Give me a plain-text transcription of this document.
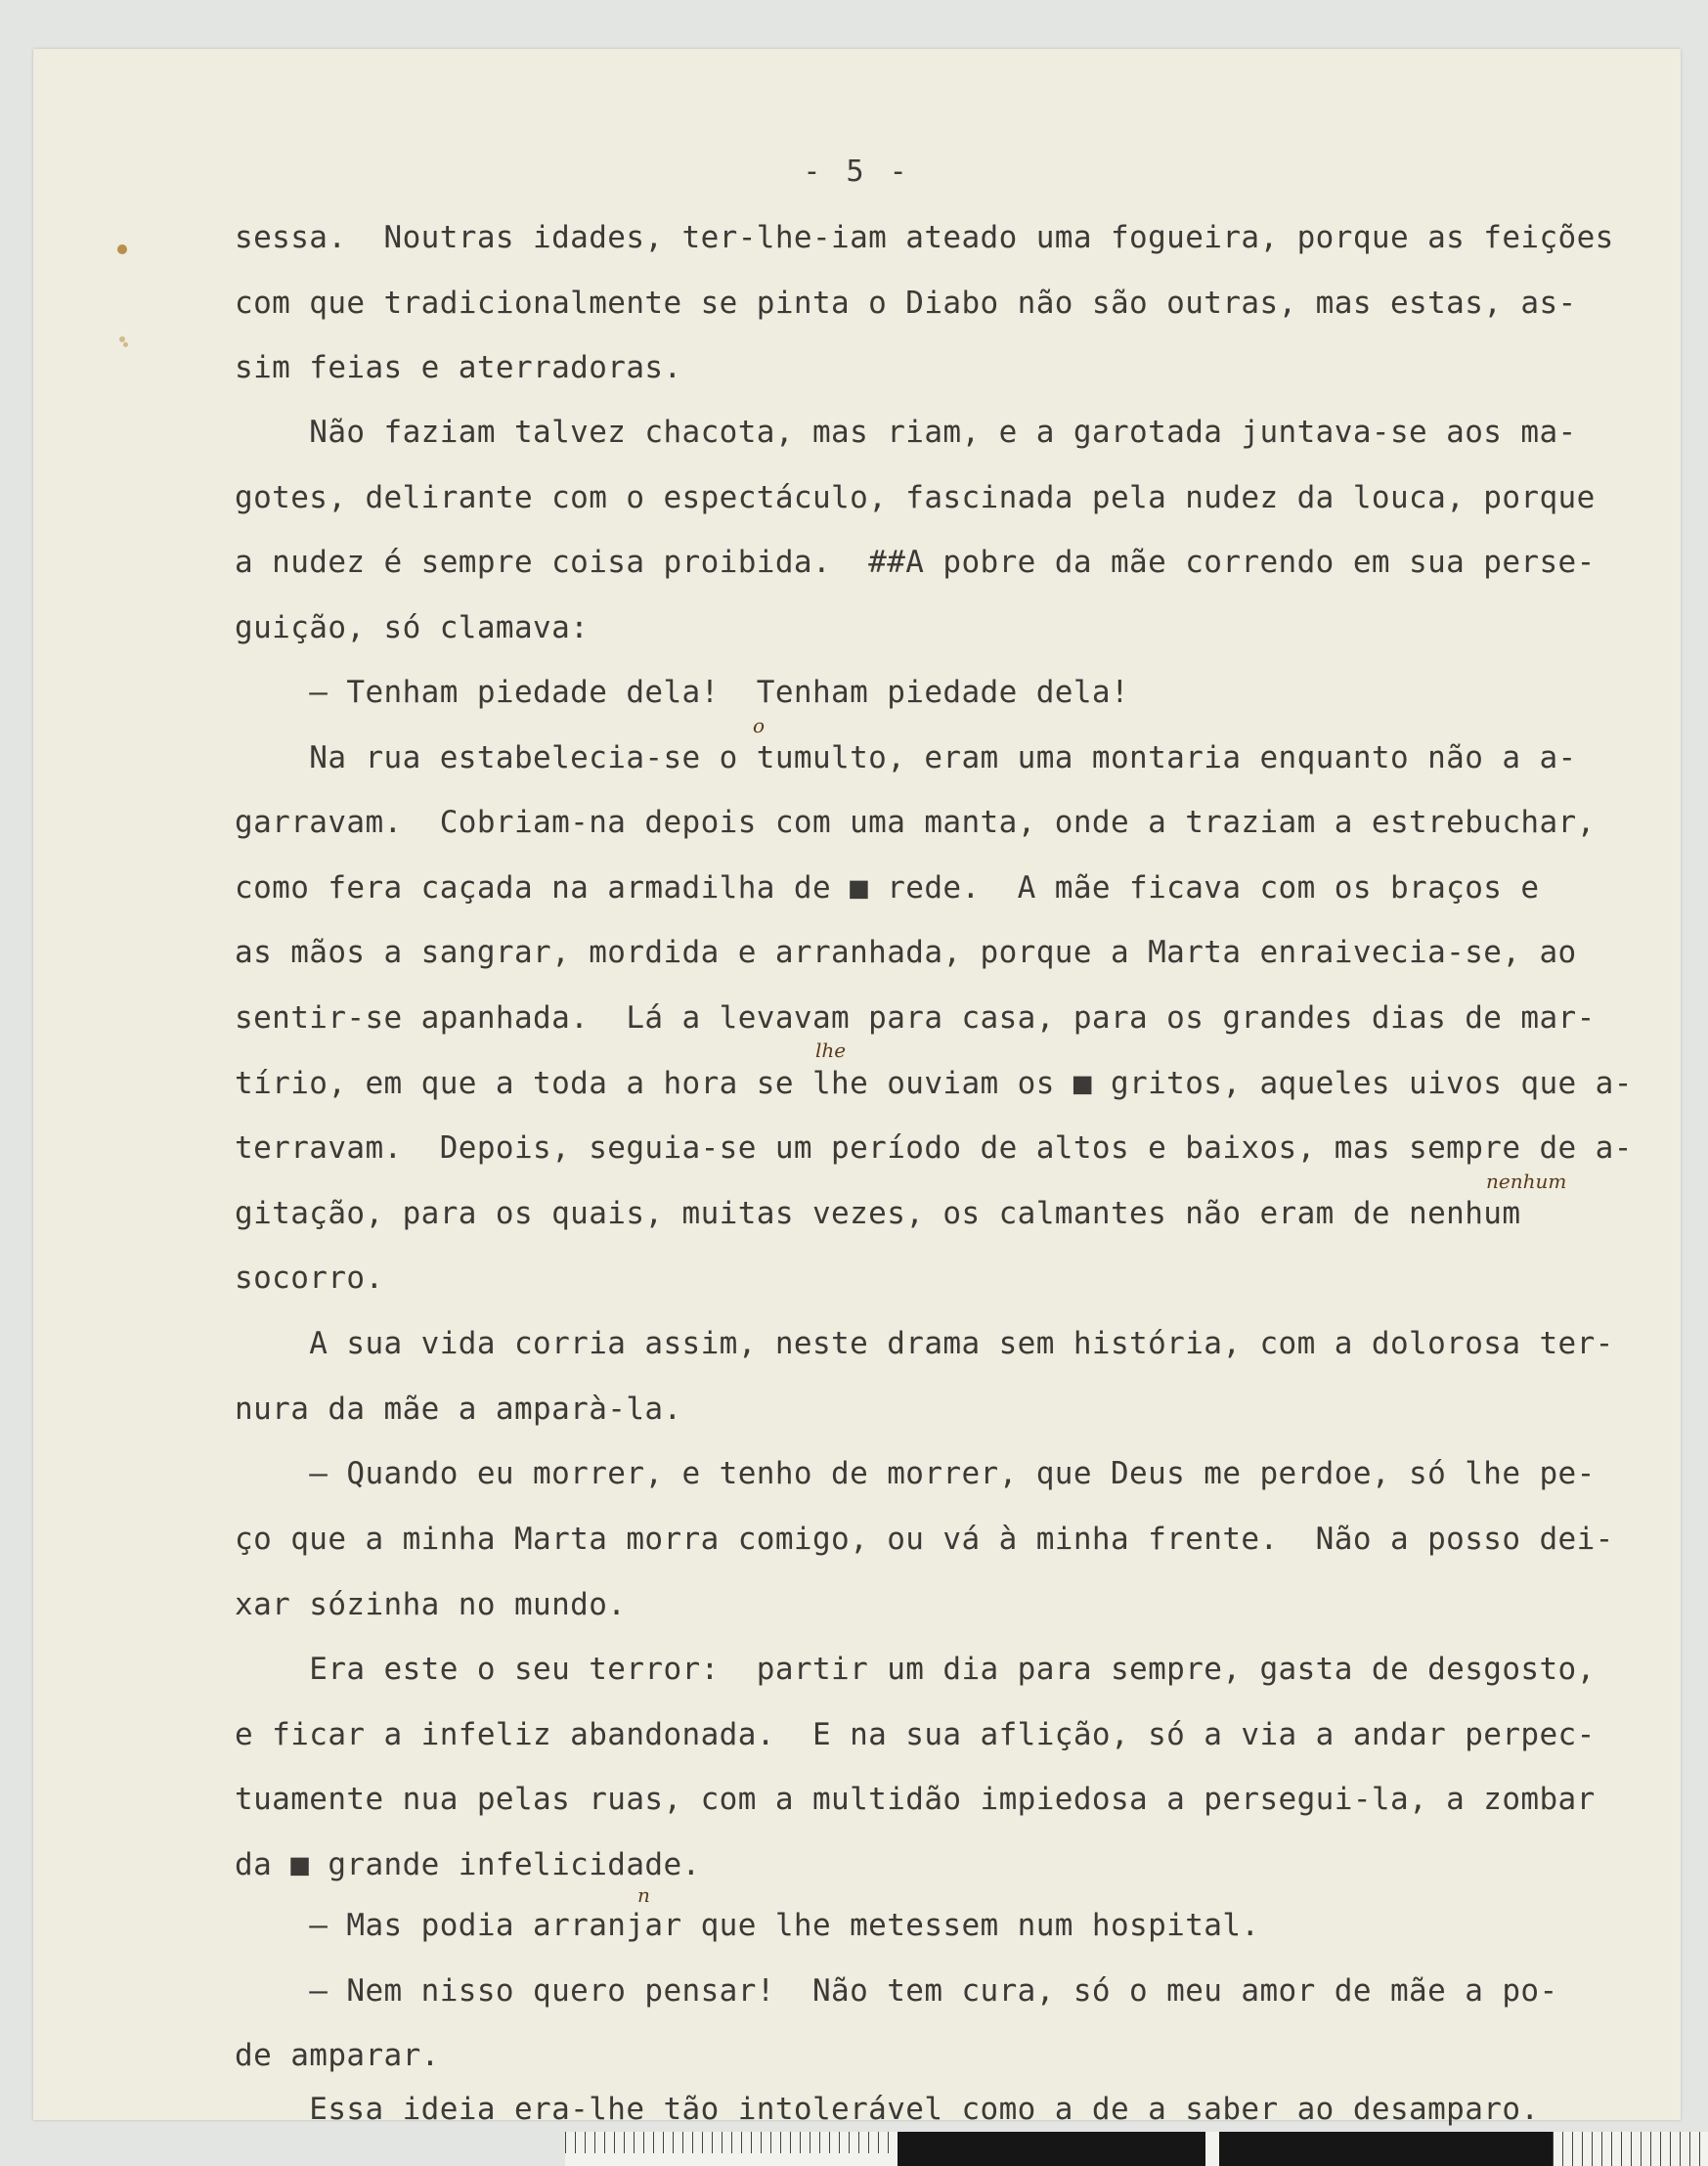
- 5 -
sessa.  Noutras idades, ter-lhe-iam ateado uma fogueira, porque as feições
com que tradicionalmente se pinta o Diabo não são outras, mas estas, as-
sim feias e aterradoras.
Não faziam talvez chacota, mas riam, e a garotada juntava-se aos ma-
gotes, delirante com o espectáculo, fascinada pela nudez da louca, porque
a nudez é sempre coisa proibida.  ##A pobre da mãe correndo em sua perse-
guição, só clamava:
— Tenham piedade dela!  Tenham piedade dela!
Na rua estabelecia-se o tumulto, eram uma montaria enquanto não a a-
garravam.  Cobriam-na depois com uma manta, onde a traziam a estrebuchar,
como fera caçada na armadilha de ■ rede.  A mãe ficava com os braços e
as mãos a sangrar, mordida e arranhada, porque a Marta enraivecia-se, ao
sentir-se apanhada.  Lá a levavam para casa, para os grandes dias de mar-
tírio, em que a toda a hora se lhe ouviam os ■ gritos, aqueles uivos que a-
terravam.  Depois, seguia-se um período de altos e baixos, mas sempre de a-
gitação, para os quais, muitas vezes, os calmantes não eram de nenhum
socorro.
A sua vida corria assim, neste drama sem história, com a dolorosa ter-
nura da mãe a amparà-la.
— Quando eu morrer, e tenho de morrer, que Deus me perdoe, só lhe pe-
ço que a minha Marta morra comigo, ou vá à minha frente.  Não a posso dei-
xar sózinha no mundo.
Era este o seu terror:  partir um dia para sempre, gasta de desgosto,
e ficar a infeliz abandonada.  E na sua aflição, só a via a andar perpec-
tuamente nua pelas ruas, com a multidão impiedosa a persegui-la, a zombar
da ■ grande infelicidade.
— Mas podia arranjar que lhe metessem num hospital.
— Nem nisso quero pensar!  Não tem cura, só o meu amor de mãe a po-
de amparar.
Essa ideia era-lhe tão intolerável como a de a saber ao desamparo.
lhe
nenhum
o
n
